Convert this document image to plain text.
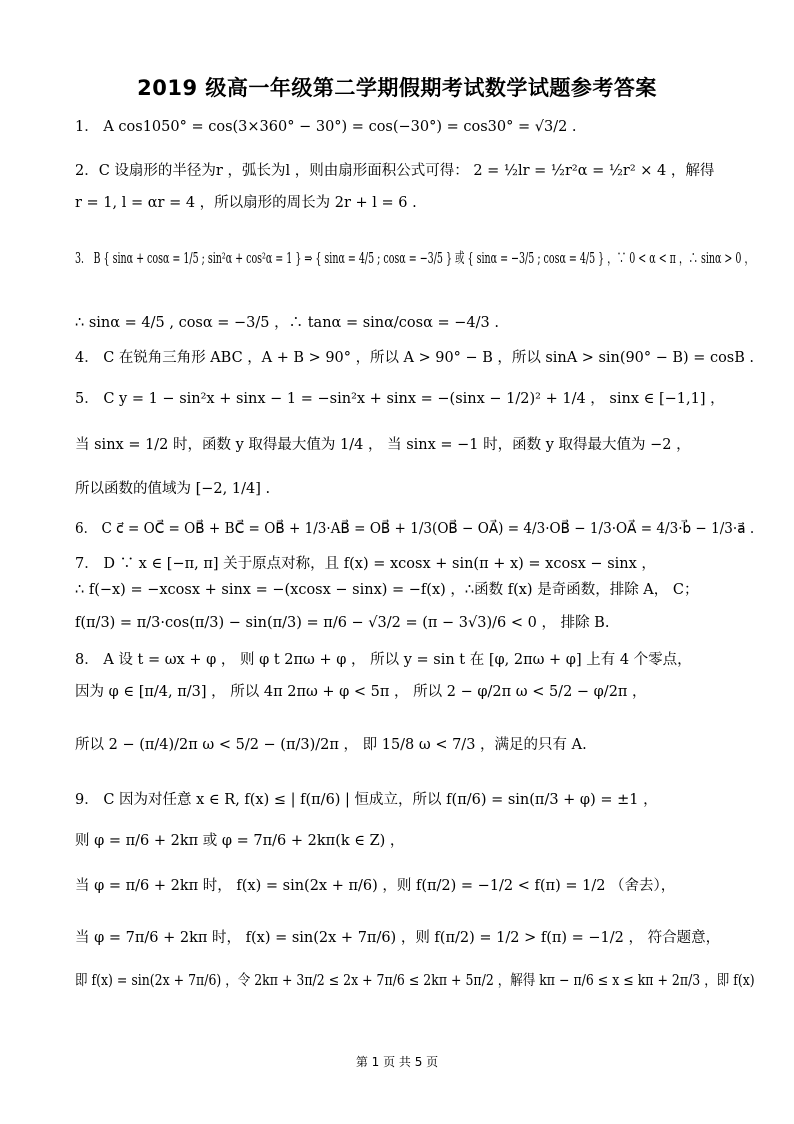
2019 级高一年级第二学期假期考试数学试题参考答案
1． A cos1050° = cos(3×360° − 30°) = cos(−30°) = cos30° = √3/2 .
2．C 设扇形的半径为r ，弧长为l ，则由扇形面积公式可得： 2 = ½lr = ½r²α = ½r² × 4 ，解得
r = 1, l = αr = 4 ，所以扇形的周长为 2r + l = 6 .
3． B { sinα + cosα = 1/5 ; sin²α + cos²α = 1 } ⇒ { sinα = 4/5 ; cosα = −3/5 } 或 { sinα = −3/5 ; cosα = 4/5 } ，∵ 0 < α < π ，∴ sinα > 0 ，
∴ sinα = 4/5 , cosα = −3/5 ，∴ tanα = sinα/cosα = −4/3 .
4． C 在锐角三角形 ABC ，A + B > 90° ，所以 A > 90° − B ，所以 sinA > sin(90° − B) = cosB .
5． C y = 1 − sin²x + sinx − 1 = −sin²x + sinx = −(sinx − 1/2)² + 1/4 ， sinx ∈ [−1,1] ，
当 sinx = 1/2 时，函数 y 取得最大值为 1/4 ， 当 sinx = −1 时，函数 y 取得最大值为 −2 ，
所以函数的值域为 [−2, 1/4] .
6． C c⃗ = OC⃗ = OB⃗ + BC⃗ = OB⃗ + 1/3·AB⃗ = OB⃗ + 1/3(OB⃗ − OA⃗) = 4/3·OB⃗ − 1/3·OA⃗ = 4/3·b⃗ − 1/3·a⃗ .
7． D ∵ x ∈ [−π, π] 关于原点对称，且 f(x) = xcosx + sin(π + x) = xcosx − sinx ，
∴ f(−x) = −xcosx + sinx = −(xcosx − sinx) = −f(x) ，∴函数 f(x) 是奇函数，排除 A， C；
f(π/3) = π/3·cos(π/3) − sin(π/3) = π/6 − √3/2 = (π − 3√3)/6 < 0 ， 排除 B.
8． A 设 t = ωx + φ ， 则 φ t 2πω + φ ， 所以 y = sin t 在 [φ, 2πω + φ] 上有 4 个零点，
因为 φ ∈ [π/4, π/3] ， 所以 4π 2πω + φ < 5π ， 所以 2 − φ/2π ω < 5/2 − φ/2π ，
所以 2 − (π/4)/2π ω < 5/2 − (π/3)/2π ， 即 15/8 ω < 7/3 ，满足的只有 A.
9． C 因为对任意 x ∈ R, f(x) ≤ | f(π/6) | 恒成立，所以 f(π/6) = sin(π/3 + φ) = ±1 ，
则 φ = π/6 + 2kπ 或 φ = 7π/6 + 2kπ(k ∈ Z) ，
当 φ = π/6 + 2kπ 时， f(x) = sin(2x + π/6) ，则 f(π/2) = −1/2 < f(π) = 1/2 （舍去），
当 φ = 7π/6 + 2kπ 时， f(x) = sin(2x + 7π/6) ，则 f(π/2) = 1/2 > f(π) = −1/2 ， 符合题意，
即 f(x) = sin(2x + 7π/6) ，令 2kπ + 3π/2 ≤ 2x + 7π/6 ≤ 2kπ + 5π/2 ，解得 kπ − π/6 ≤ x ≤ kπ + 2π/3 ，即 f(x)
第 1 页 共 5 页
